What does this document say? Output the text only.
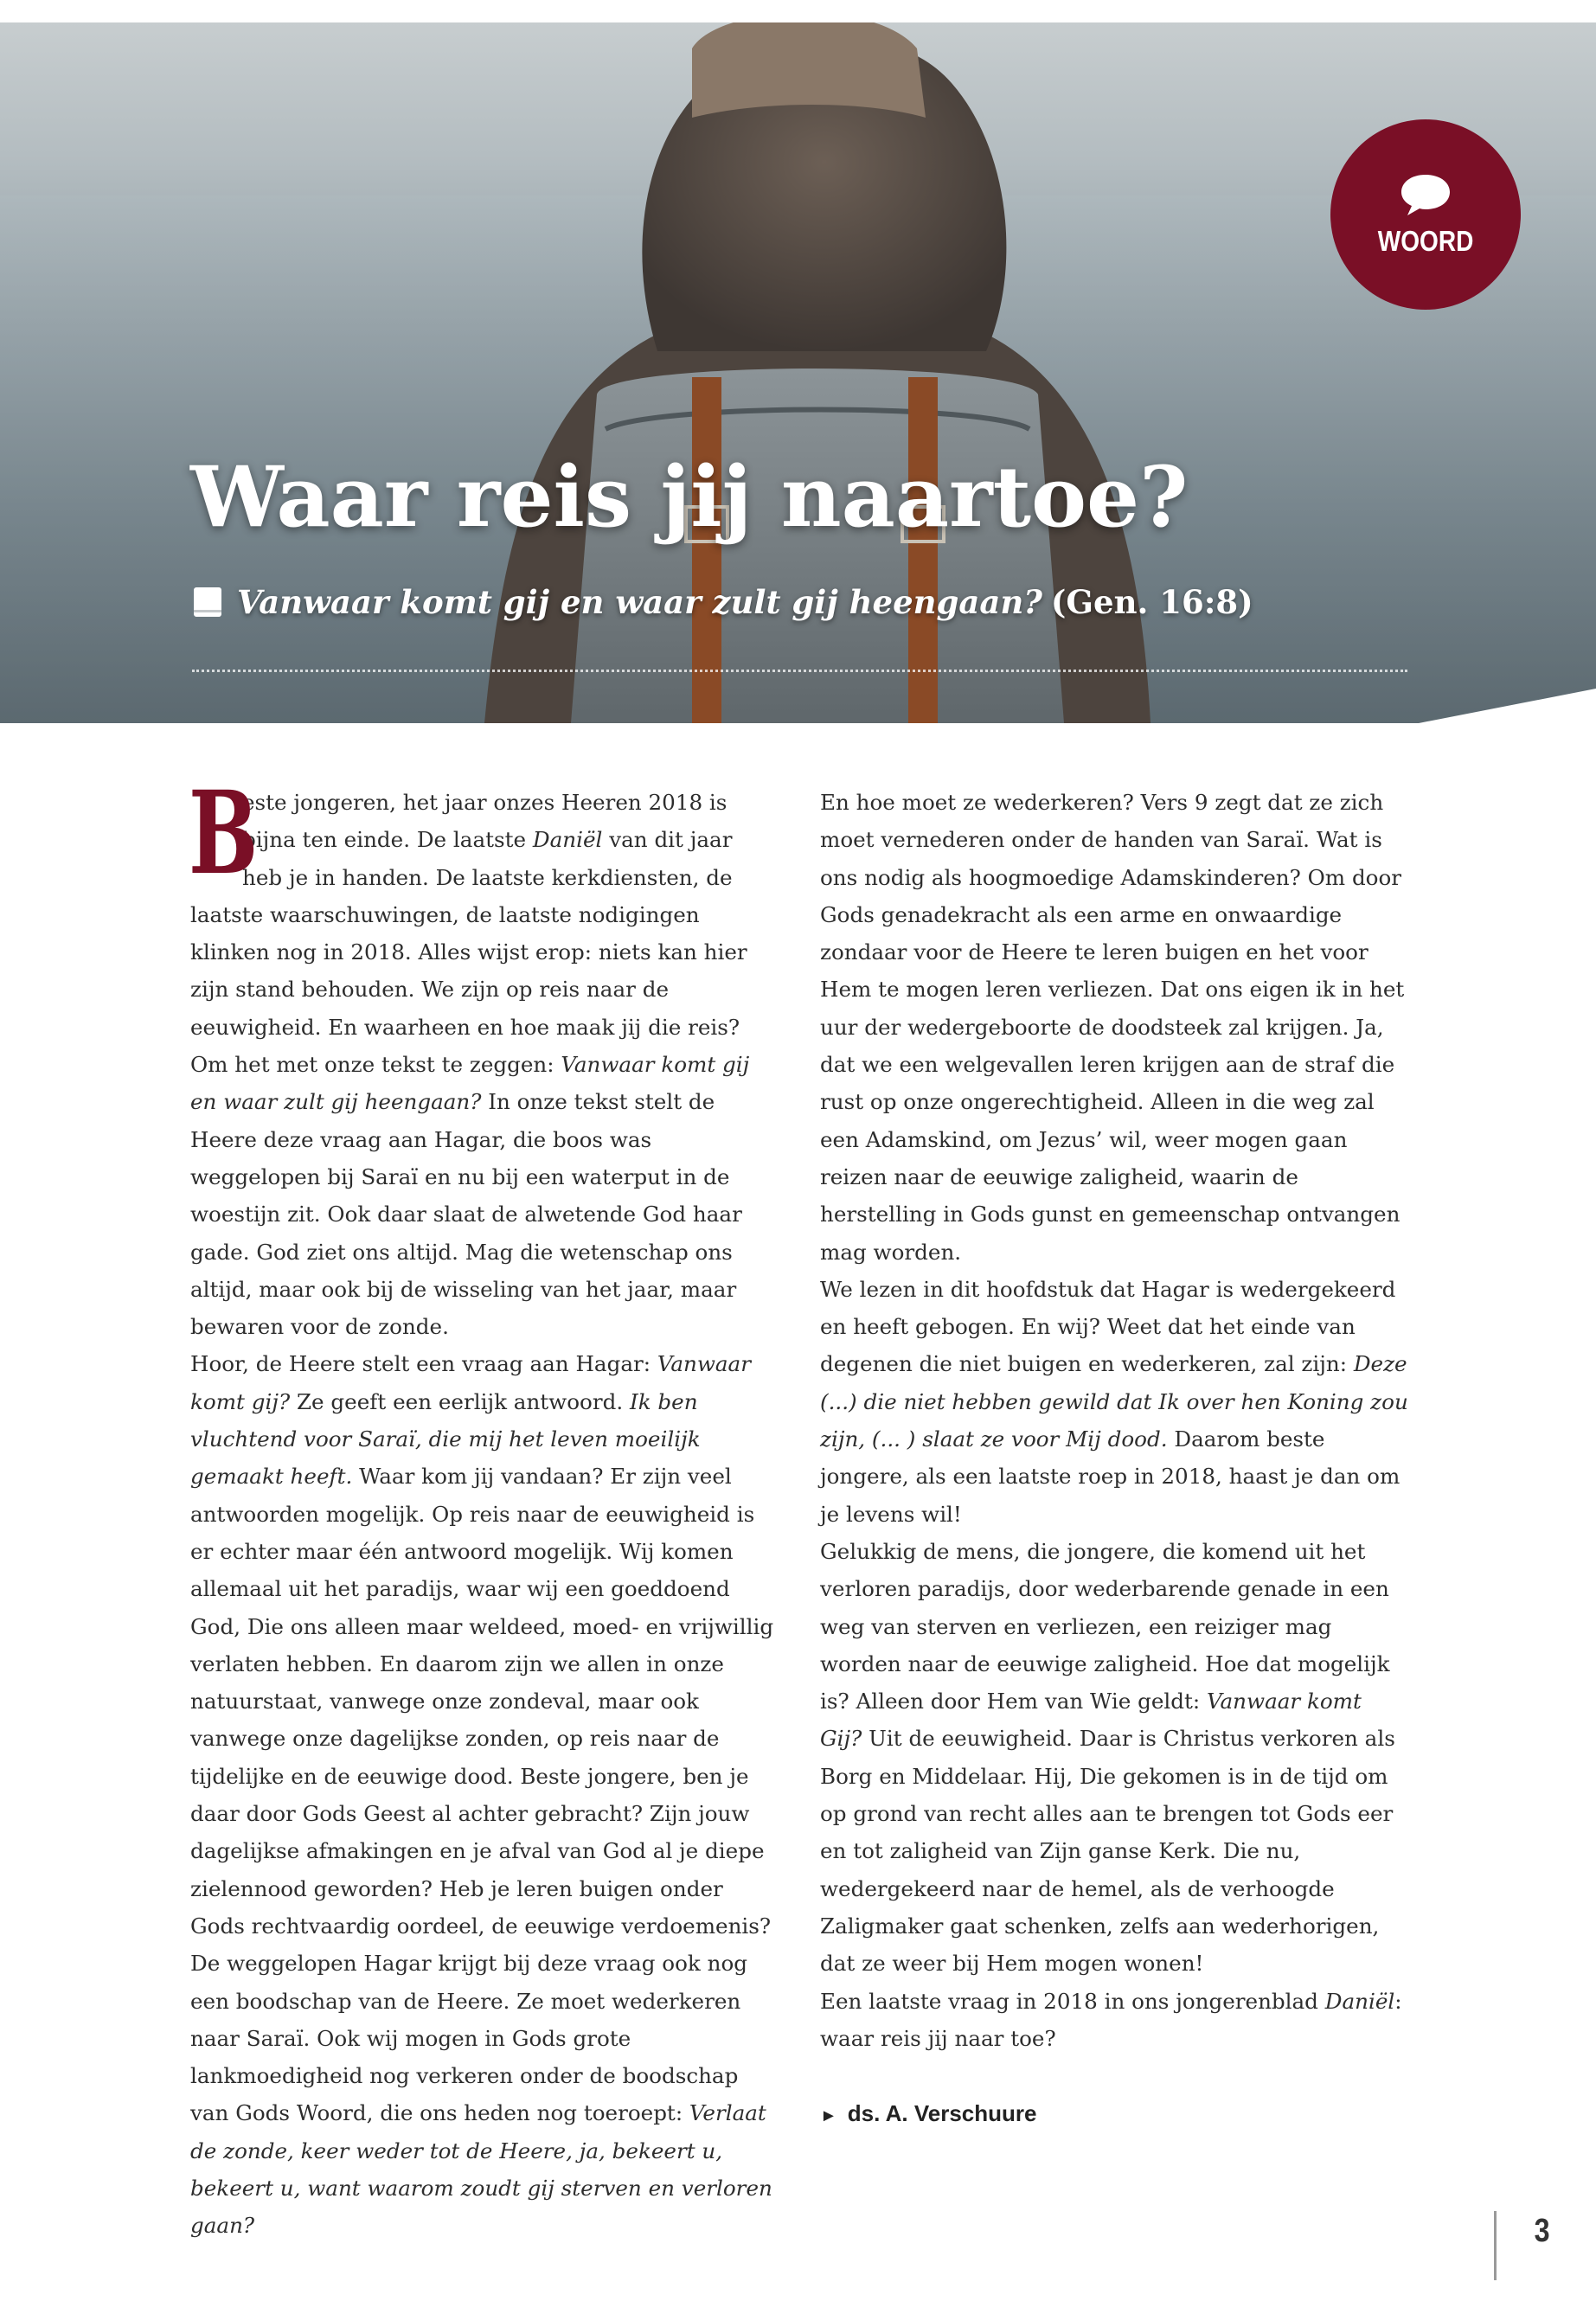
WOORD
Waar reis jij naartoe?
Vanwaar komt gij en waar zult gij heengaan? (Gen. 16:8)
B

este jongeren, het jaar onzes Heeren 2018 is bijna ten einde. De laatste Daniël van dit jaar heb je in handen. De laatste kerkdiensten, de laatste waarschuwingen, de laatste nodigingen klinken nog in 2018. Alles wijst erop: niets kan hier zijn stand behouden. We zijn op reis naar de eeuwigheid. En waarheen en hoe maak jij die reis? Om het met onze tekst te zeggen: Vanwaar komt gij en waar zult gij heengaan? In onze tekst stelt de Heere deze vraag aan Hagar, die boos was weggelopen bij Saraï en nu bij een waterput in de woestijn zit. Ook daar slaat de alwetende God haar gade. God ziet ons altijd. Mag die wetenschap ons altijd, maar ook bij de wisseling van het jaar, maar bewaren voor de zonde.

Hoor, de Heere stelt een vraag aan Hagar: Vanwaar komt gij? Ze geeft een eerlijk antwoord. Ik ben vluchtend voor Saraï, die mij het leven moeilijk gemaakt heeft. Waar kom jij vandaan? Er zijn veel antwoorden mogelijk. Op reis naar de eeuwigheid is er echter maar één antwoord mogelijk. Wij komen allemaal uit het paradijs, waar wij een goeddoend God, Die ons alleen maar weldeed, moed- en vrijwillig verlaten hebben. En daarom zijn we allen in onze natuurstaat, vanwege onze zondeval, maar ook vanwege onze dagelijkse zonden, op reis naar de tijdelijke en de eeuwige dood. Beste jongere, ben je daar door Gods Geest al achter gebracht? Zijn jouw dagelijkse afmakingen en je afval van God al je diepe zielennood geworden? Heb je leren buigen onder Gods rechtvaardig oordeel, de eeuwige verdoemenis?

De weggelopen Hagar krijgt bij deze vraag ook nog een boodschap van de Heere. Ze moet wederkeren naar Saraï. Ook wij mogen in Gods grote lankmoedigheid nog verkeren onder de boodschap van Gods Woord, die ons heden nog toeroept: Verlaat de zonde, keer weder tot de Heere, ja, bekeert u, bekeert u, want waarom zoudt gij sterven en verloren gaan?

En hoe moet ze wederkeren? Vers 9 zegt dat ze zich moet vernederen onder de handen van Saraï. Wat is ons nodig als hoogmoedige Adamskinderen? Om door Gods genadekracht als een arme en onwaardige zondaar voor de Heere te leren buigen en het voor Hem te mogen leren verliezen. Dat ons eigen ik in het uur der wedergeboorte de doodsteek zal krijgen. Ja, dat we een welgevallen leren krijgen aan de straf die rust op onze ongerechtigheid. Alleen in die weg zal een Adamskind, om Jezus’ wil, weer mogen gaan reizen naar de eeuwige zaligheid, waarin de herstelling in Gods gunst en gemeenschap ontvangen mag worden.

We lezen in dit hoofdstuk dat Hagar is wedergekeerd en heeft gebogen. En wij? Weet dat het einde van degenen die niet buigen en wederkeren, zal zijn: Deze (...) die niet hebben gewild dat Ik over hen Koning zou zijn, (... ) slaat ze voor Mij dood. Daarom beste jongere, als een laatste roep in 2018, haast je dan om je levens wil!

Gelukkig de mens, die jongere, die komend uit het verloren paradijs, door wederbarende genade in een weg van sterven en verliezen, een reiziger mag worden naar de eeuwige zaligheid. Hoe dat mogelijk is? Alleen door Hem van Wie geldt: Vanwaar komt Gij? Uit de eeuwigheid. Daar is Christus verkoren als Borg en Middelaar. Hij, Die gekomen is in de tijd om op grond van recht alles aan te brengen tot Gods eer en tot zaligheid van Zijn ganse Kerk. Die nu, wedergekeerd naar de hemel, als de verhoogde Zaligmaker gaat schenken, zelfs aan wederhorigen, dat ze weer bij Hem mogen wonen!

Een laatste vraag in 2018 in ons jongerenblad Daniël: waar reis jij naar toe?

► ds. A. Verschuure

3
